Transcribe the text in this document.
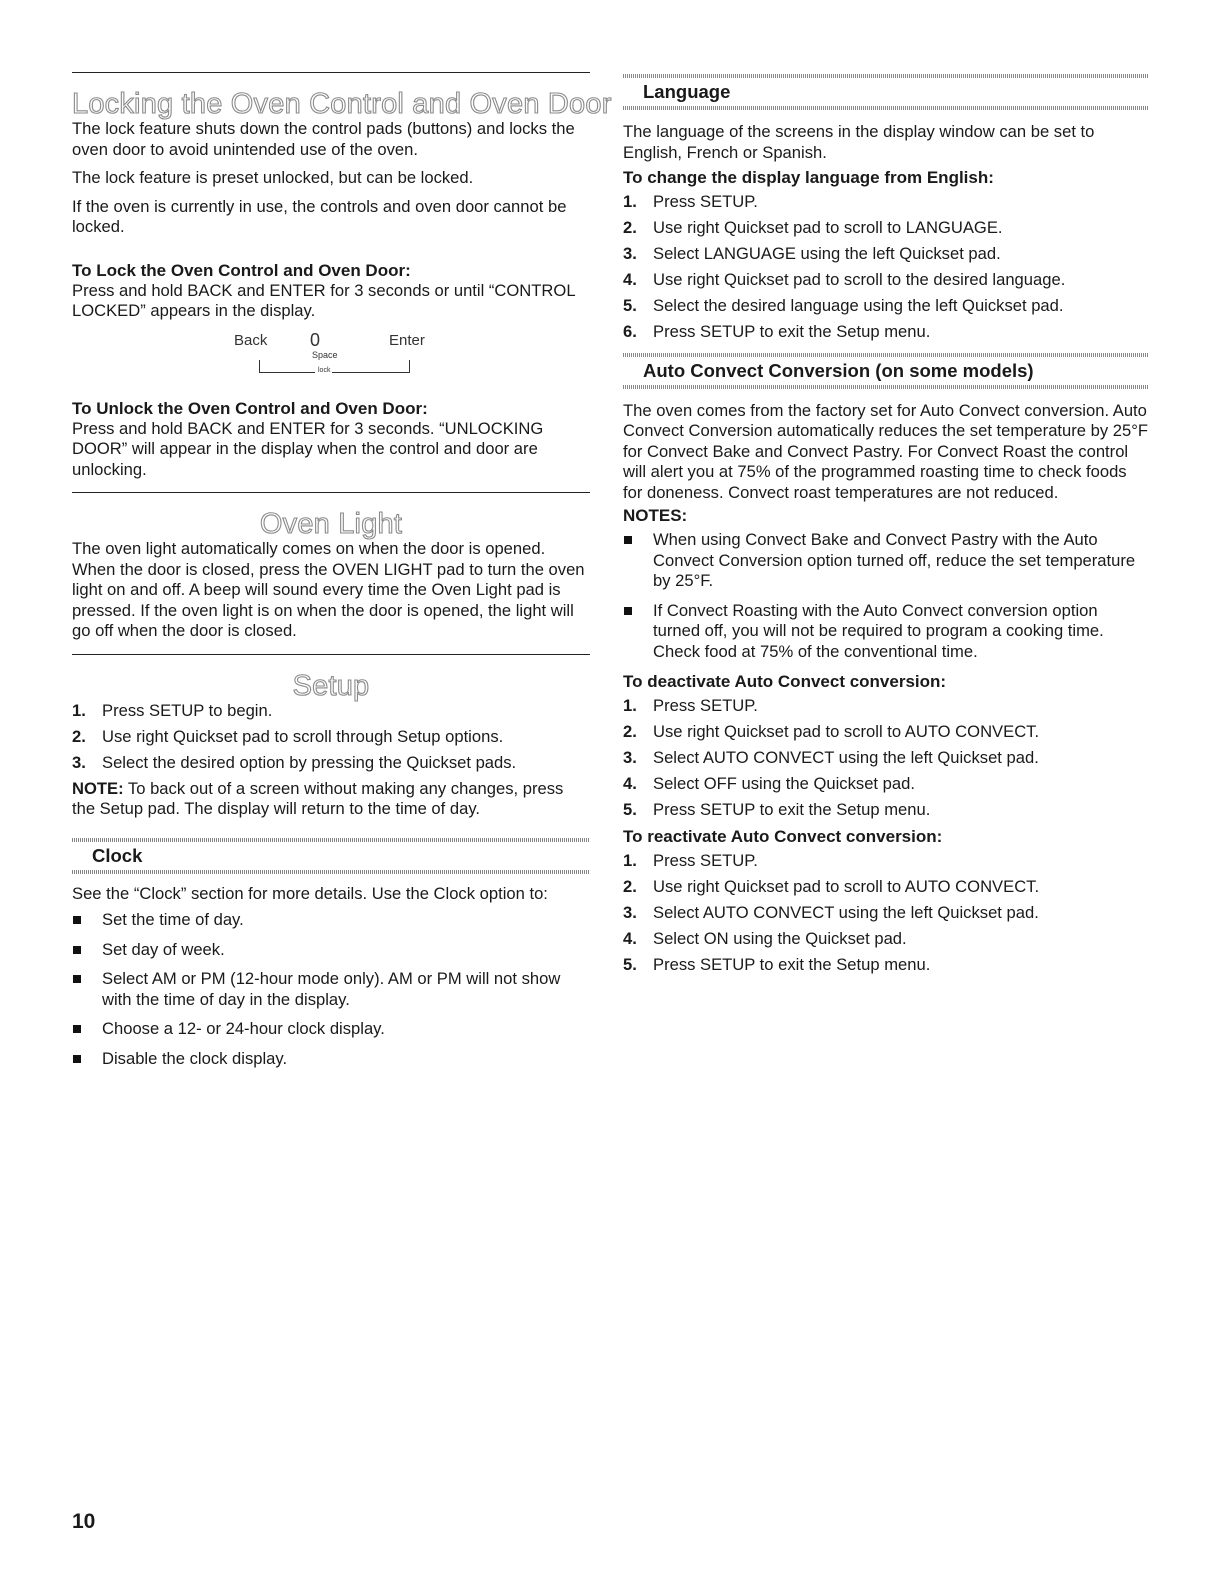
Locking the Oven Control and Oven Door

The lock feature shuts down the control pads (buttons) and locks the oven door to avoid unintended use of the oven.

The lock feature is preset unlocked, but can be locked.

If the oven is currently in use, the controls and oven door cannot be locked.

To Lock the Oven Control and Oven Door:

Press and hold BACK and ENTER for 3 seconds or until “CONTROL LOCKED” appears in the display.

Back 0	Enter
Space
lock

To Unlock the Oven Control and Oven Door:

Press and hold BACK and ENTER for 3 seconds. “UNLOCKING DOOR” will appear in the display when the control and door are unlocking.

Oven Light

The oven light automatically comes on when the door is opened. When the door is closed, press the OVEN LIGHT pad to turn the oven light on and off. A beep will sound every time the Oven Light pad is pressed. If the oven light is on when the door is opened, the light will go off when the door is closed.

Setup
1. Press SETUP to begin.
2. Use right Quickset pad to scroll through Setup options.
3. Select the desired option by pressing the Quickset pads.

NOTE: To back out of a screen without making any changes, press the Setup pad. The display will return to the time of day.

Clock

See the “Clock” section for more details. Use the Clock option to:

Set the time of day.
Set day of week.
Select AM or PM (12-hour mode only). AM or PM will not show with the time of day in the display.
Choose a 12- or 24-hour clock display.
Disable the clock display.
Language

The language of the screens in the display window can be set to English, French or Spanish.

To change the display language from English:

1. Press SETUP.
2. Use right Quickset pad to scroll to LANGUAGE.
3. Select LANGUAGE using the left Quickset pad.
4. Use right Quickset pad to scroll to the desired language.
5. Select the desired language using the left Quickset pad.
6. Press SETUP to exit the Setup menu.
Auto Convect Conversion (on some models)

The oven comes from the factory set for Auto Convect conversion. Auto Convect Conversion automatically reduces the set temperature by 25°F for Convect Bake and Convect Pastry. For Convect Roast the control will alert you at 75% of the programmed roasting time to check foods for doneness. Convect roast temperatures are not reduced.

NOTES:

When using Convect Bake and Convect Pastry with the Auto Convect Conversion option turned off, reduce the set temperature by 25°F.
If Convect Roasting with the Auto Convect conversion option turned off, you will not be required to program a cooking time. Check food at 75% of the conventional time.

To deactivate Auto Convect conversion:

1. Press SETUP.
2. Use right Quickset pad to scroll to AUTO CONVECT.
3. Select AUTO CONVECT using the left Quickset pad.
4. Select OFF using the Quickset pad.
5. Press SETUP to exit the Setup menu.

To reactivate Auto Convect conversion:

1. Press SETUP.
2. Use right Quickset pad to scroll to AUTO CONVECT.
3. Select AUTO CONVECT using the left Quickset pad.
4. Select ON using the Quickset pad.
5. Press SETUP to exit the Setup menu.
10
